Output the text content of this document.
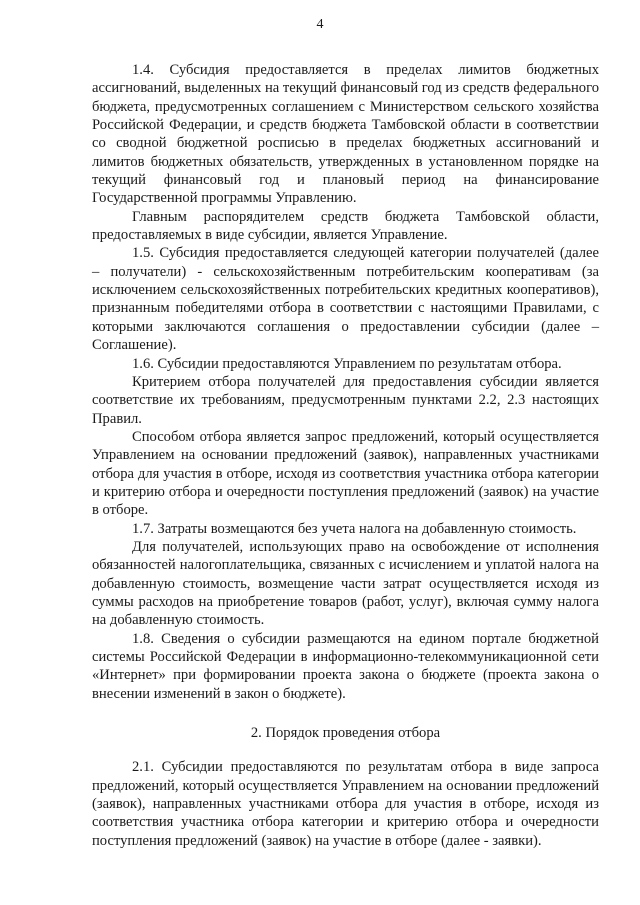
4

1.4. Субсидия предоставляется в пределах лимитов бюджетных ассигнований, выделенных на текущий финансовый год из средств федерального бюджета, предусмотренных соглашением с Министерством сельского хозяйства Российской Федерации, и средств бюджета Тамбовской области в соответствии со сводной бюджетной росписью в пределах бюджетных ассигнований и лимитов бюджетных обязательств, утвержденных в установленном порядке на текущий финансовый год и плановый период на финансирование Государственной программы Управлению.

Главным распорядителем средств бюджета Тамбовской области, предоставляемых в виде субсидии, является Управление.

1.5. Субсидия предоставляется следующей категории получателей (далее – получатели) - сельскохозяйственным потребительским кооперативам (за исключением сельскохозяйственных потребительских кредитных кооперативов), признанным победителями отбора в соответствии с настоящими Правилами, с которыми заключаются соглашения о предоставлении субсидии (далее – Соглашение).

1.6. Субсидии предоставляются Управлением по результатам отбора.

Критерием отбора получателей для предоставления субсидии является соответствие их требованиям, предусмотренным пунктами 2.2, 2.3 настоящих Правил.

Способом отбора является запрос предложений, который осуществляется Управлением на основании предложений (заявок), направленных участниками отбора для участия в отборе, исходя из соответствия участника отбора категории и критерию отбора и очередности поступления предложений (заявок) на участие в отборе.

1.7. Затраты возмещаются без учета налога на добавленную стоимость.

Для получателей, использующих право на освобождение от исполнения обязанностей налогоплательщика, связанных с исчислением и уплатой налога на добавленную стоимость, возмещение части затрат осуществляется исходя из суммы расходов на приобретение товаров (работ, услуг), включая сумму налога на добавленную стоимость.

1.8. Сведения о субсидии размещаются на едином портале бюджетной системы Российской Федерации в информационно-телекоммуникационной сети «Интернет» при формировании проекта закона о бюджете (проекта закона о внесении изменений в закон о бюджете).

2. Порядок проведения отбора

2.1. Субсидии предоставляются по результатам отбора в виде запроса предложений, который осуществляется Управлением на основании предложений (заявок), направленных участниками отбора для участия в отборе, исходя из соответствия участника отбора категории и критерию отбора и очередности поступления предложений (заявок) на участие в отборе (далее - заявки).
